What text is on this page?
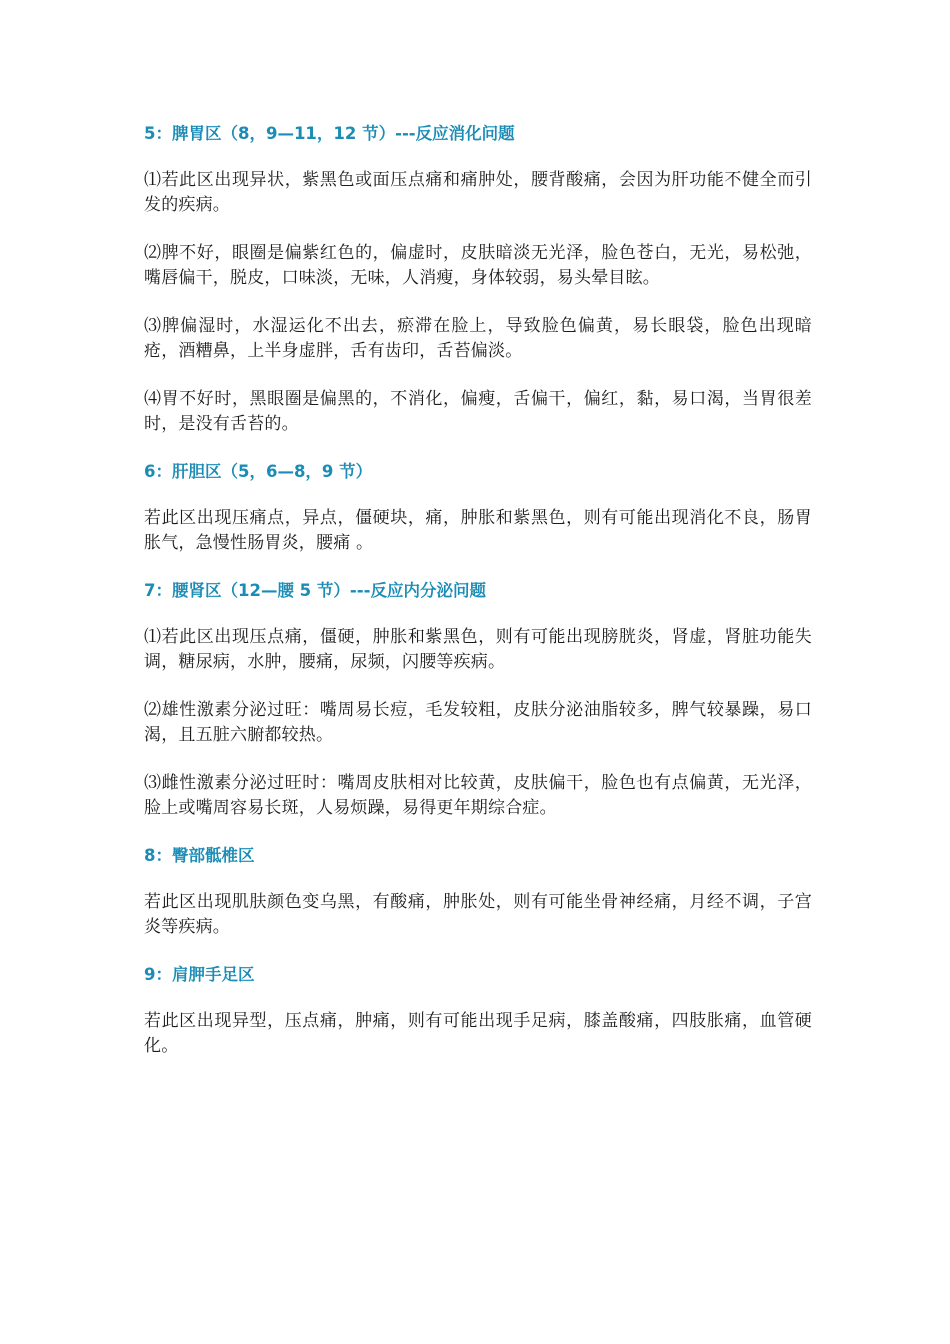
5：脾胃区（8，9—11，12 节）---反应消化问题

⑴若此区出现异状，紫黑色或面压点痛和痛肿处，腰背酸痛，会因为肝功能不健全而引发的疾病。

⑵脾不好，眼圈是偏紫红色的，偏虚时，皮肤暗淡无光泽，脸色苍白，无光，易松弛，嘴唇偏干，脱皮，口味淡，无味，人消瘦，身体较弱，易头晕目眩。

⑶脾偏湿时，水湿运化不出去，瘀滞在脸上，导致脸色偏黄，易长眼袋，脸色出现暗疮，酒糟鼻，上半身虚胖，舌有齿印，舌苔偏淡。

⑷胃不好时，黑眼圈是偏黑的，不消化，偏瘦，舌偏干，偏红，黏，易口渴，当胃很差时，是没有舌苔的。

6：肝胆区（5，6—8，9 节）

若此区出现压痛点，异点，僵硬块，痛，肿胀和紫黑色，则有可能出现消化不良，肠胃胀气，急慢性肠胃炎，腰痛 。

7：腰肾区（12—腰 5 节）---反应内分泌问题

⑴若此区出现压点痛，僵硬，肿胀和紫黑色，则有可能出现膀胱炎，肾虚，肾脏功能失调，糖尿病，水肿，腰痛，尿频，闪腰等疾病。

⑵雄性激素分泌过旺：嘴周易长痘，毛发较粗，皮肤分泌油脂较多，脾气较暴躁，易口渴，且五脏六腑都较热。

⑶雌性激素分泌过旺时：嘴周皮肤相对比较黄，皮肤偏干，脸色也有点偏黄，无光泽，脸上或嘴周容易长斑，人易烦躁，易得更年期综合症。

8：臀部骶椎区

若此区出现肌肤颜色变乌黑，有酸痛，肿胀处，则有可能坐骨神经痛，月经不调，子宫炎等疾病。

9：肩胛手足区

若此区出现异型，压点痛，肿痛，则有可能出现手足病，膝盖酸痛，四肢胀痛，血管硬化。
